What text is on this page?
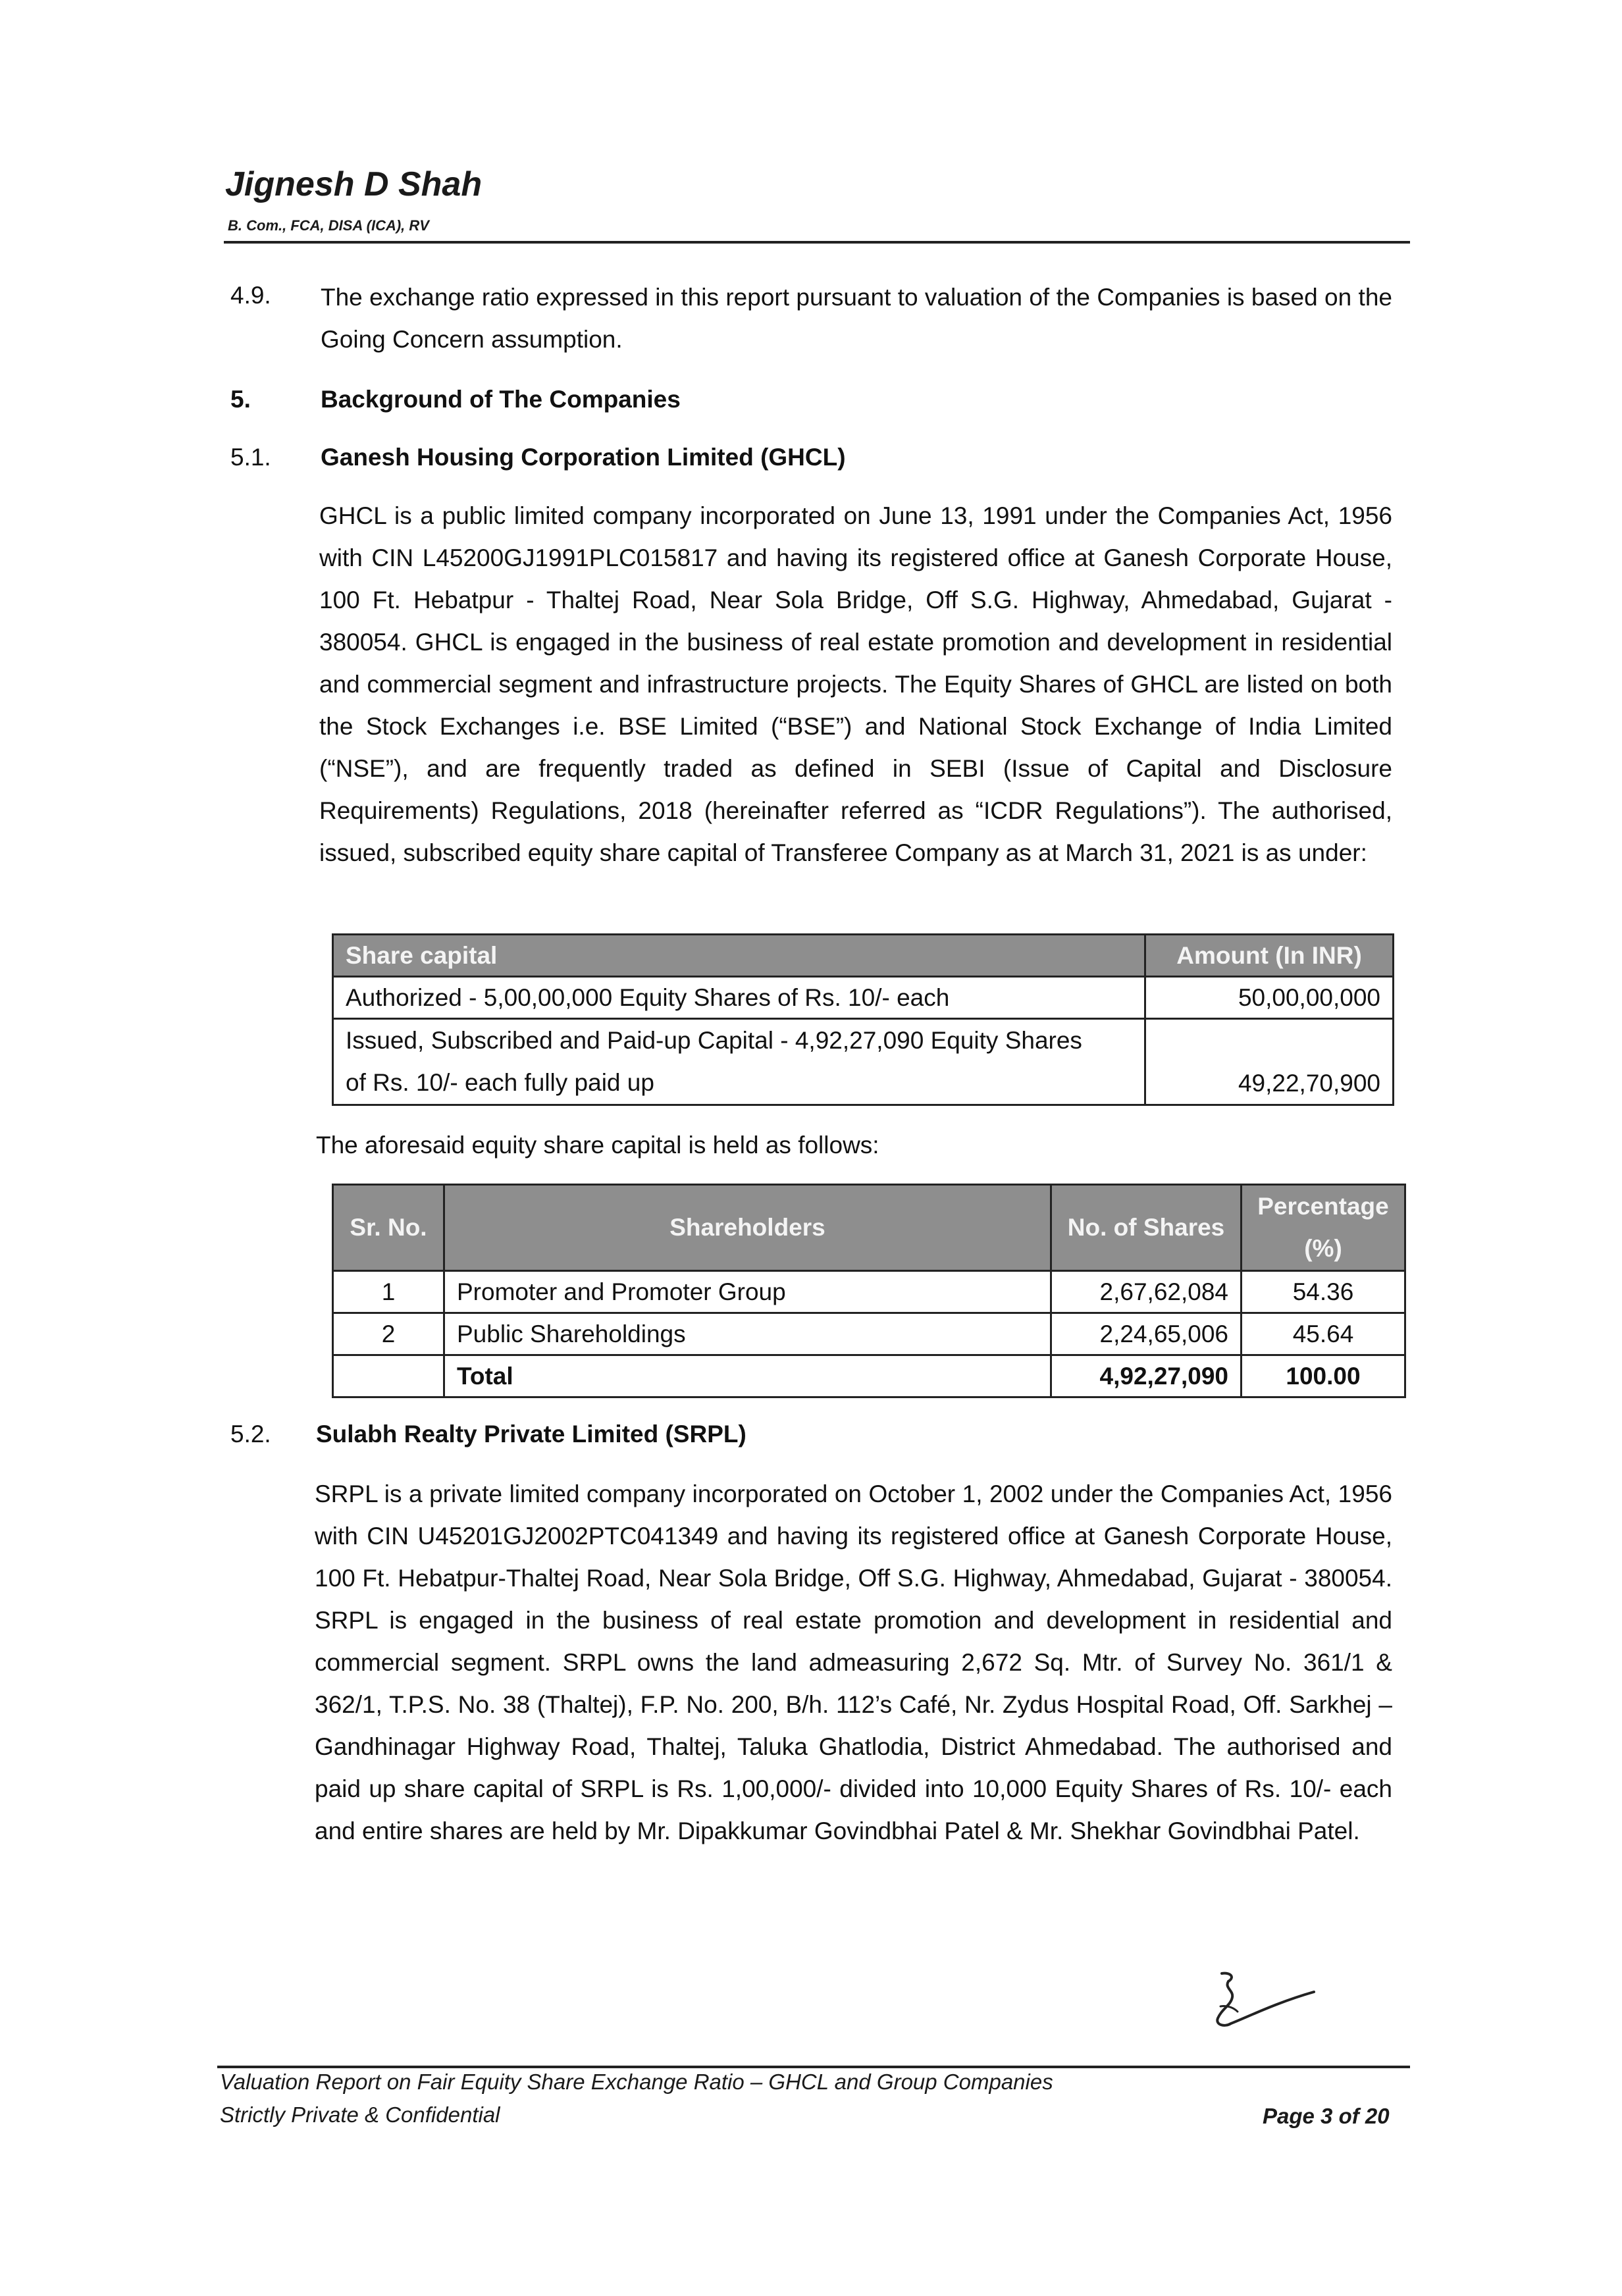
Jignesh D Shah
B. Com., FCA, DISA (ICA), RV
4.9. The exchange ratio expressed in this report pursuant to valuation of the Companies is based on the Going Concern assumption.

5.	Background of The Companies
5.1. Ganesh Housing Corporation Limited (GHCL)

GHCL is a public limited company incorporated on June 13, 1991 under the Companies Act, 1956 with CIN L45200GJ1991PLC015817 and having its registered office at Ganesh Corporate House, 100 Ft. Hebatpur - Thaltej Road, Near Sola Bridge, Off S.G. Highway, Ahmedabad, Gujarat - 380054. GHCL is engaged in the business of real estate promotion and development in residential and commercial segment and infrastructure projects. The Equity Shares of GHCL are listed on both the Stock Exchanges i.e. BSE Limited (“BSE”) and National Stock Exchange of India Limited (“NSE”), and are frequently traded as defined in SEBI (Issue of Capital and Disclosure Requirements) Regulations, 2018 (hereinafter referred as “ICDR Regulations”). The authorised, issued, subscribed equity share capital of Transferee Company as at March 31, 2021 is as under:

Share capital	Amount (In INR)
Authorized - 5,00,00,000 Equity Shares of Rs. 10/- each	50,00,00,000
Issued, Subscribed and Paid-up Capital - 4,92,27,090 Equity Shares of Rs. 10/- each fully paid up	49,22,70,900
The aforesaid equity share capital is held as follows:
Sr. No.	Shareholders	No. of Shares	Percentage (%)
1	Promoter and Promoter Group	2,67,62,084	54.36
2	Public Shareholdings	2,24,65,006	45.64
	Total	4,92,27,090	100.00
5.2. Sulabh Realty Private Limited (SRPL)

SRPL is a private limited company incorporated on October 1, 2002 under the Companies Act, 1956 with CIN U45201GJ2002PTC041349 and having its registered office at Ganesh Corporate House, 100 Ft. Hebatpur-Thaltej Road, Near Sola Bridge, Off S.G. Highway, Ahmedabad, Gujarat - 380054. SRPL is engaged in the business of real estate promotion and development in residential and commercial segment. SRPL owns the land admeasuring 2,672 Sq. Mtr. of Survey No. 361/1 & 362/1, T.P.S. No. 38 (Thaltej), F.P. No. 200, B/h. 112’s Café, Nr. Zydus Hospital Road, Off. Sarkhej – Gandhinagar Highway Road, Thaltej, Taluka Ghatlodia, District Ahmedabad. The authorised and paid up share capital of SRPL is Rs. 1,00,000/- divided into 10,000 Equity Shares of Rs. 10/- each and entire shares are held by Mr. Dipakkumar Govindbhai Patel & Mr. Shekhar Govindbhai Patel.

Valuation Report on Fair Equity Share Exchange Ratio – GHCL and Group Companies
Strictly Private & Confidential	Page 3 of 20
